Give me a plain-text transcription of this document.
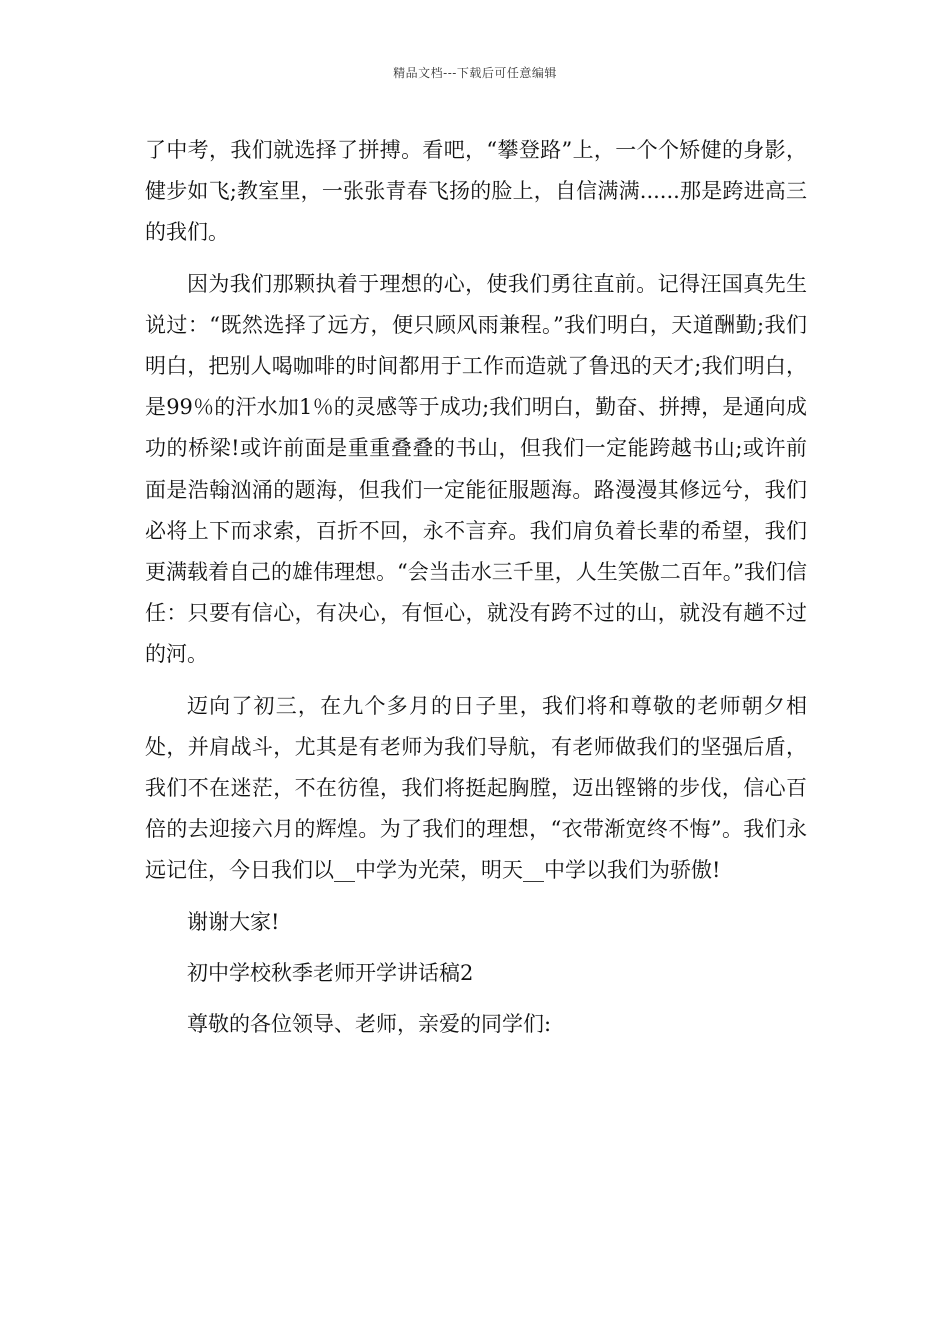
精品文档---下载后可任意编辑

了中考，我们就选择了拼搏。看吧，“攀登路”上，一个个矫健的身影，健步如飞;教室里，一张张青春飞扬的脸上，自信满满......那是跨进高三的我们。

因为我们那颗执着于理想的心，使我们勇往直前。记得汪国真先生说过：“既然选择了远方，便只顾风雨兼程。”我们明白，天道酬勤;我们明白，把别人喝咖啡的时间都用于工作而造就了鲁迅的天才;我们明白，是99％的汗水加1％的灵感等于成功;我们明白，勤奋、拼搏，是通向成功的桥梁!或许前面是重重叠叠的书山，但我们一定能跨越书山;或许前面是浩翰汹涌的题海，但我们一定能征服题海。路漫漫其修远兮，我们必将上下而求索，百折不回，永不言弃。我们肩负着长辈的希望，我们更满载着自己的雄伟理想。“会当击水三千里，人生笑傲二百年。”我们信任：只要有信心，有决心，有恒心，就没有跨不过的山，就没有趟不过的河。

迈向了初三，在九个多月的日子里，我们将和尊敬的老师朝夕相处，并肩战斗，尤其是有老师为我们导航，有老师做我们的坚强后盾，我们不在迷茫，不在彷徨，我们将挺起胸膛，迈出铿锵的步伐，信心百倍的去迎接六月的辉煌。为了我们的理想，“衣带渐宽终不悔”。我们永远记住，今日我们以__中学为光荣，明天__中学以我们为骄傲!

谢谢大家!

初中学校秋季老师开学讲话稿2

尊敬的各位领导、老师，亲爱的同学们:
